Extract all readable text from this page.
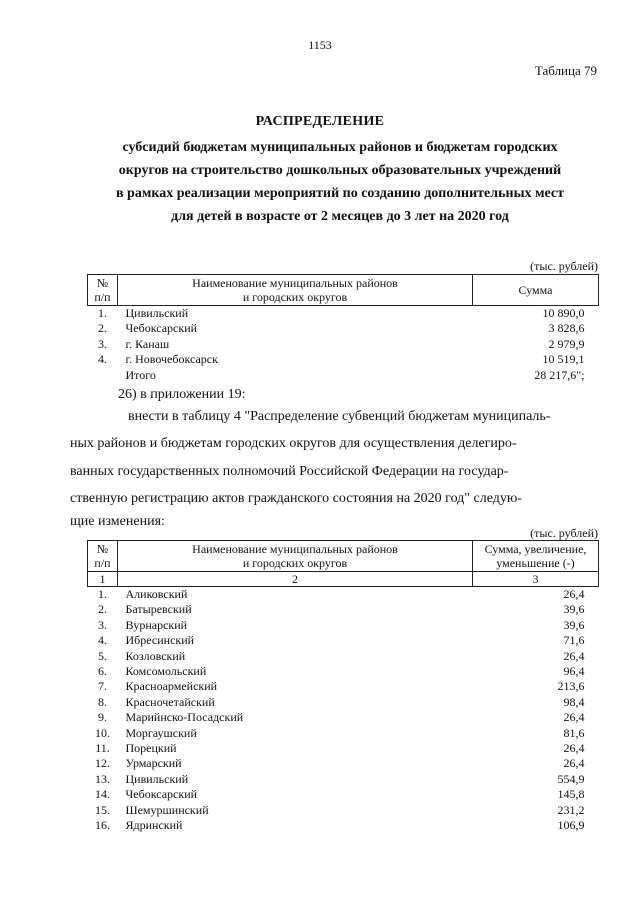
1153
Таблица 79
РАСПРЕДЕЛЕНИЕ
субсидий бюджетам муниципальных районов и бюджетам городских
округов на строительство дошкольных образовательных учреждений
в рамках реализации мероприятий по созданию дополнительных мест
для детей в возрасте от 2 месяцев до 3 лет на 2020 год
(тыс. рублей)
№
п/п	Наименование муниципальных районов
и городских округов	Сумма
1.	Цивильский	10 890,0
2.	Чебоксарский	3 828,6
3.	г. Канаш	2 979,9
4.	г. Новочебоксарск	10 519,1
	Итого	28 217,6";
26) в приложении 19:
внести в таблицу 4 "Распределение субвенций бюджетам муниципаль-
ных районов и бюджетам городских округов для осуществления делегиро-
ванных государственных полномочий Российской Федерации на государ-
ственную регистрацию актов гражданского состояния на 2020 год" следую-
щие изменения:
(тыс. рублей)
№
п/п	Наименование муниципальных районов
и городских округов	Сумма, увеличение,
уменьшение (-)
1	2	3
1.	Аликовский	26,4
2.	Батыревский	39,6
3.	Вурнарский	39,6
4.	Ибресинский	71,6
5.	Козловский	26,4
6.	Комсомольский	96,4
7.	Красноармейский	213,6
8.	Красночетайский	98,4
9.	Марийнско-Посадский	26,4
10.	Моргаушский	81,6
11.	Порецкий	26,4
12.	Урмарский	26,4
13.	Цивильский	554,9
14.	Чебоксарский	145,8
15.	Шемуршинский	231,2
16.	Ядринский	106,9
